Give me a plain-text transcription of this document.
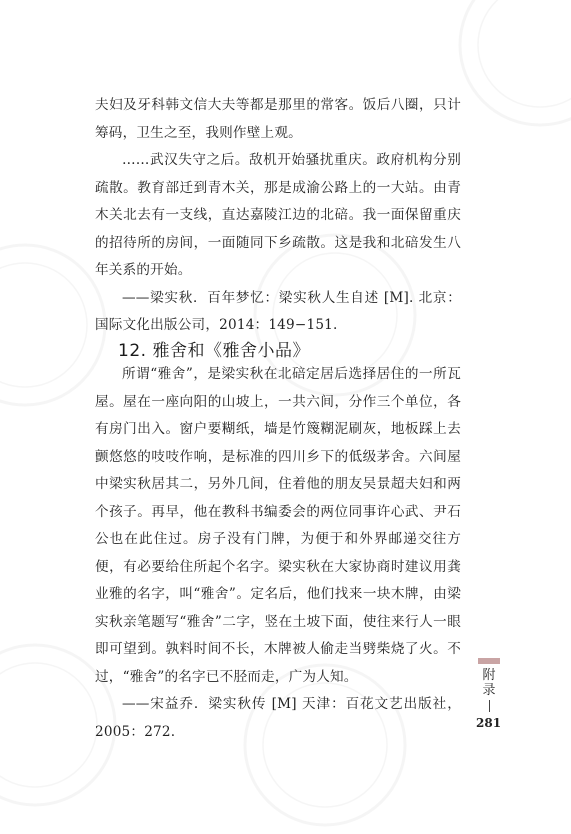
夫妇及牙科韩文信大夫等都是那里的常客。饭后八圈，只计筹码，卫生之至，我则作壁上观。

……武汉失守之后。敌机开始骚扰重庆。政府机构分别疏散。教育部迁到青木关，那是成渝公路上的一大站。由青木关北去有一支线，直达嘉陵江边的北碚。我一面保留重庆的招待所的房间，一面随同下乡疏散。这是我和北碚发生八年关系的开始。

——梁实秋．百年梦忆：梁实秋人生自述 [M]. 北京：国际文化出版公司，2014：149−151.

12. 雅舍和《雅舍小品》

所谓“雅舍”，是梁实秋在北碚定居后选择居住的一所瓦屋。屋在一座向阳的山坡上，一共六间，分作三个单位，各有房门出入。窗户要糊纸，墙是竹篾糊泥刷灰，地板踩上去颤悠悠的吱吱作响，是标准的四川乡下的低级茅舍。六间屋中梁实秋居其二，另外几间，住着他的朋友吴景超夫妇和两个孩子。再早，他在教科书编委会的两位同事许心武、尹石公也在此住过。房子没有门牌，为便于和外界邮递交往方便，有必要给住所起个名字。梁实秋在大家协商时建议用龚业雅的名字，叫“雅舍”。定名后，他们找来一块木牌，由梁实秋亲笔题写“雅舍”二字，竖在土坡下面，使往来行人一眼即可望到。孰料时间不长，木牌被人偷走当劈柴烧了火。不过，“雅舍”的名字已不胫而走，广为人知。

——宋益乔．梁实秋传 [M] 天津：百花文艺出版社，2005：272.

附
录
281
